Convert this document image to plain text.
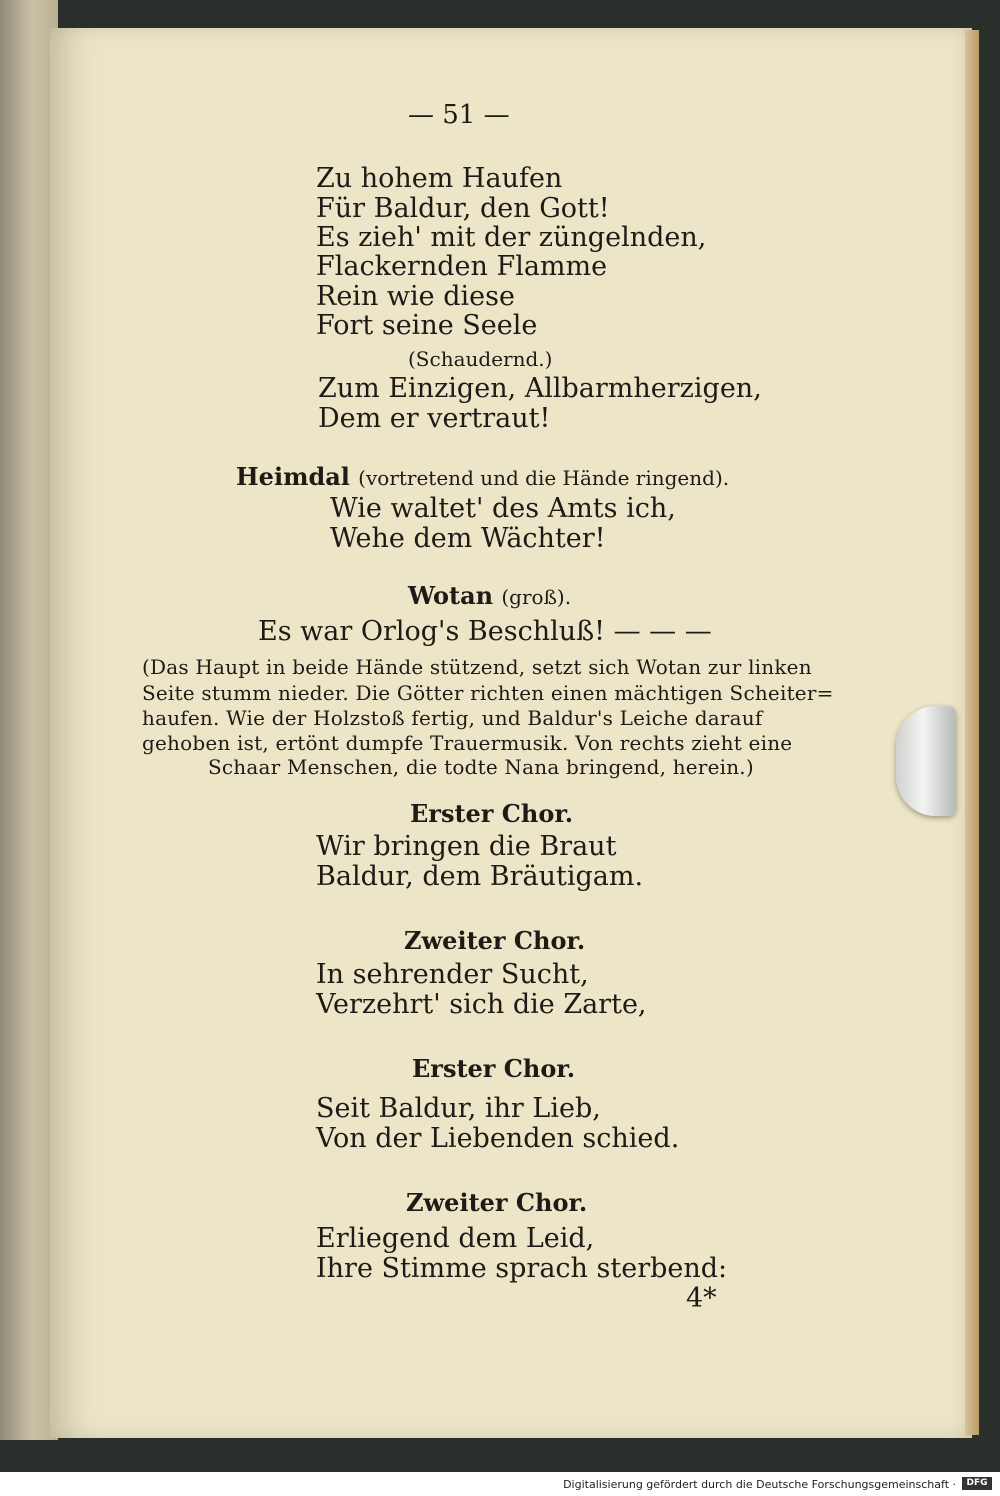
— 51 —
Zu hohem Haufen
Für Baldur, den Gott!
Es zieh' mit der züngelnden,
Flackernden Flamme
Rein wie diese
Fort seine Seele
(Schaudernd.)
Zum Einzigen, Allbarmherzigen,
Dem er vertraut!
Heimdal (vortretend und die Hände ringend).
Wie waltet' des Amts ich,
Wehe dem Wächter!
Wotan (groß).
Es war Orlog's Beschluß! — — —
(Das Haupt in beide Hände stützend, setzt sich Wotan zur linken
Seite stumm nieder. Die Götter richten einen mächtigen Scheiter=
haufen. Wie der Holzstoß fertig, und Baldur's Leiche darauf
gehoben ist, ertönt dumpfe Trauermusik. Von rechts zieht eine
Schaar Menschen, die todte Nana bringend, herein.)
Erster Chor.
Wir bringen die Braut
Baldur, dem Bräutigam.
Zweiter Chor.
In sehrender Sucht,
Verzehrt' sich die Zarte,
Erster Chor.
Seit Baldur, ihr Lieb,
Von der Liebenden schied.
Zweiter Chor.
Erliegend dem Leid,
Ihre Stimme sprach sterbend:
4*
Digitalisierung gefördert durch die Deutsche Forschungsgemeinschaft ·	DFG
